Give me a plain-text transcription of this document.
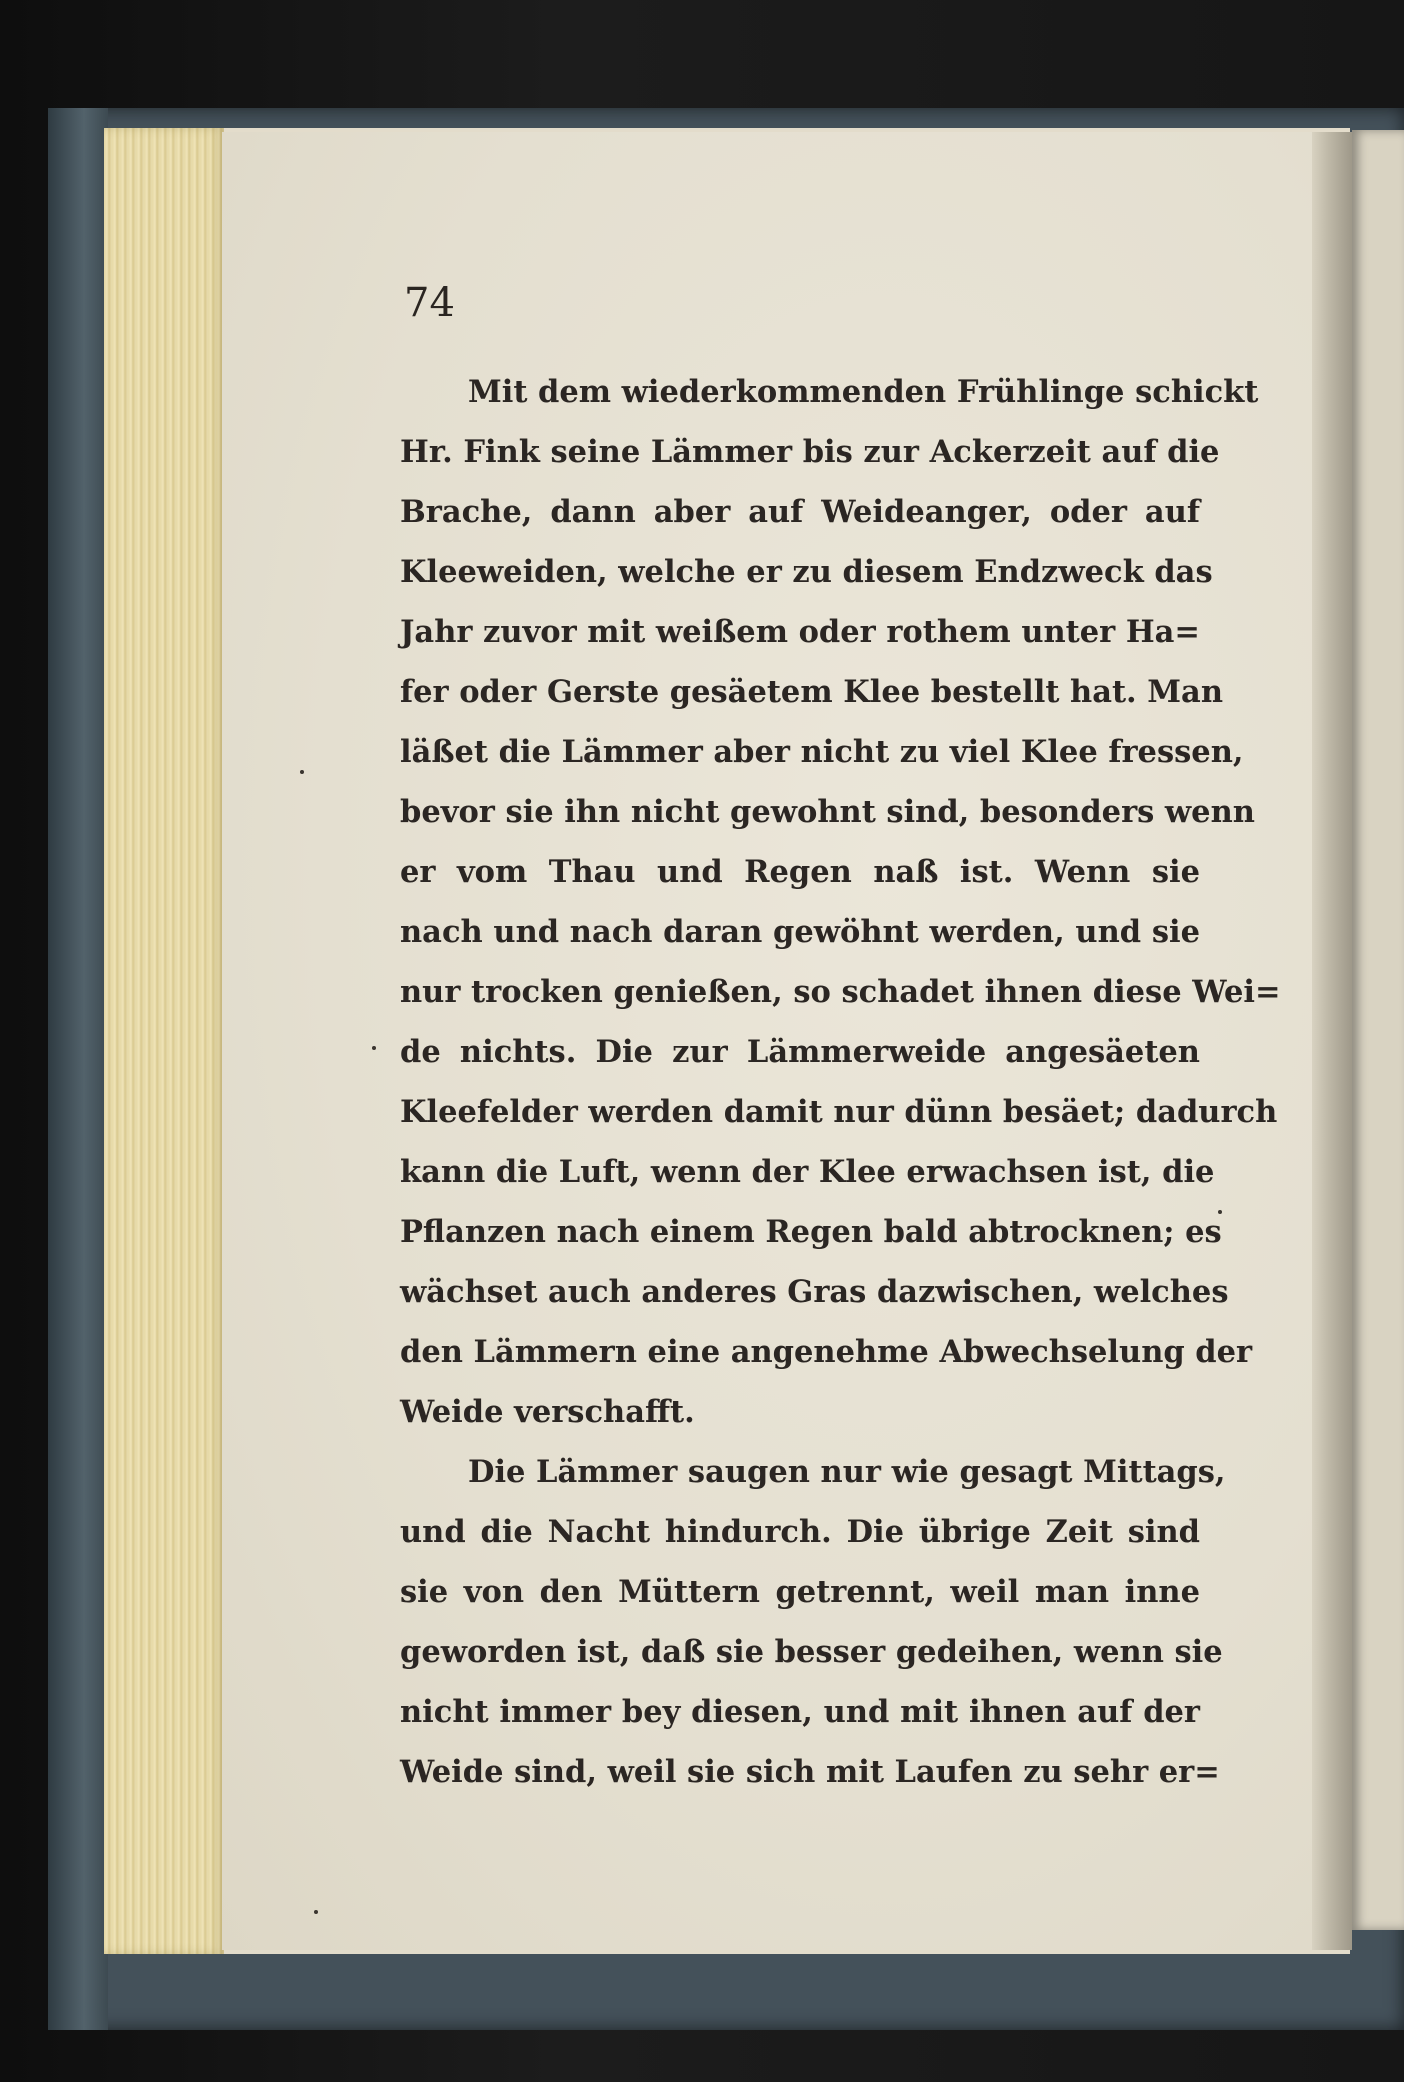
74

Mit dem wiederkommenden Frühlinge schickt
Hr. Fink seine Lämmer bis zur Ackerzeit auf die
Brache, dann aber auf Weideanger, oder auf
Kleeweiden, welche er zu diesem Endzweck das
Jahr zuvor mit weißem oder rothem unter Ha=
fer oder Gerste gesäetem Klee bestellt hat. Man
läßet die Lämmer aber nicht zu viel Klee fressen,
bevor sie ihn nicht gewohnt sind, besonders wenn
er vom Thau und Regen naß ist. Wenn sie
nach und nach daran gewöhnt werden, und sie
nur trocken genießen, so schadet ihnen diese Wei=
de nichts. Die zur Lämmerweide angesäeten
Kleefelder werden damit nur dünn besäet; dadurch
kann die Luft, wenn der Klee erwachsen ist, die
Pflanzen nach einem Regen bald abtrocknen; es
wächset auch anderes Gras dazwischen, welches
den Lämmern eine angenehme Abwechselung der
Weide verschafft.
Die Lämmer saugen nur wie gesagt Mittags,
und die Nacht hindurch. Die übrige Zeit sind
sie von den Müttern getrennt, weil man inne
geworden ist, daß sie besser gedeihen, wenn sie
nicht immer bey diesen, und mit ihnen auf der
Weide sind, weil sie sich mit Laufen zu sehr er=
